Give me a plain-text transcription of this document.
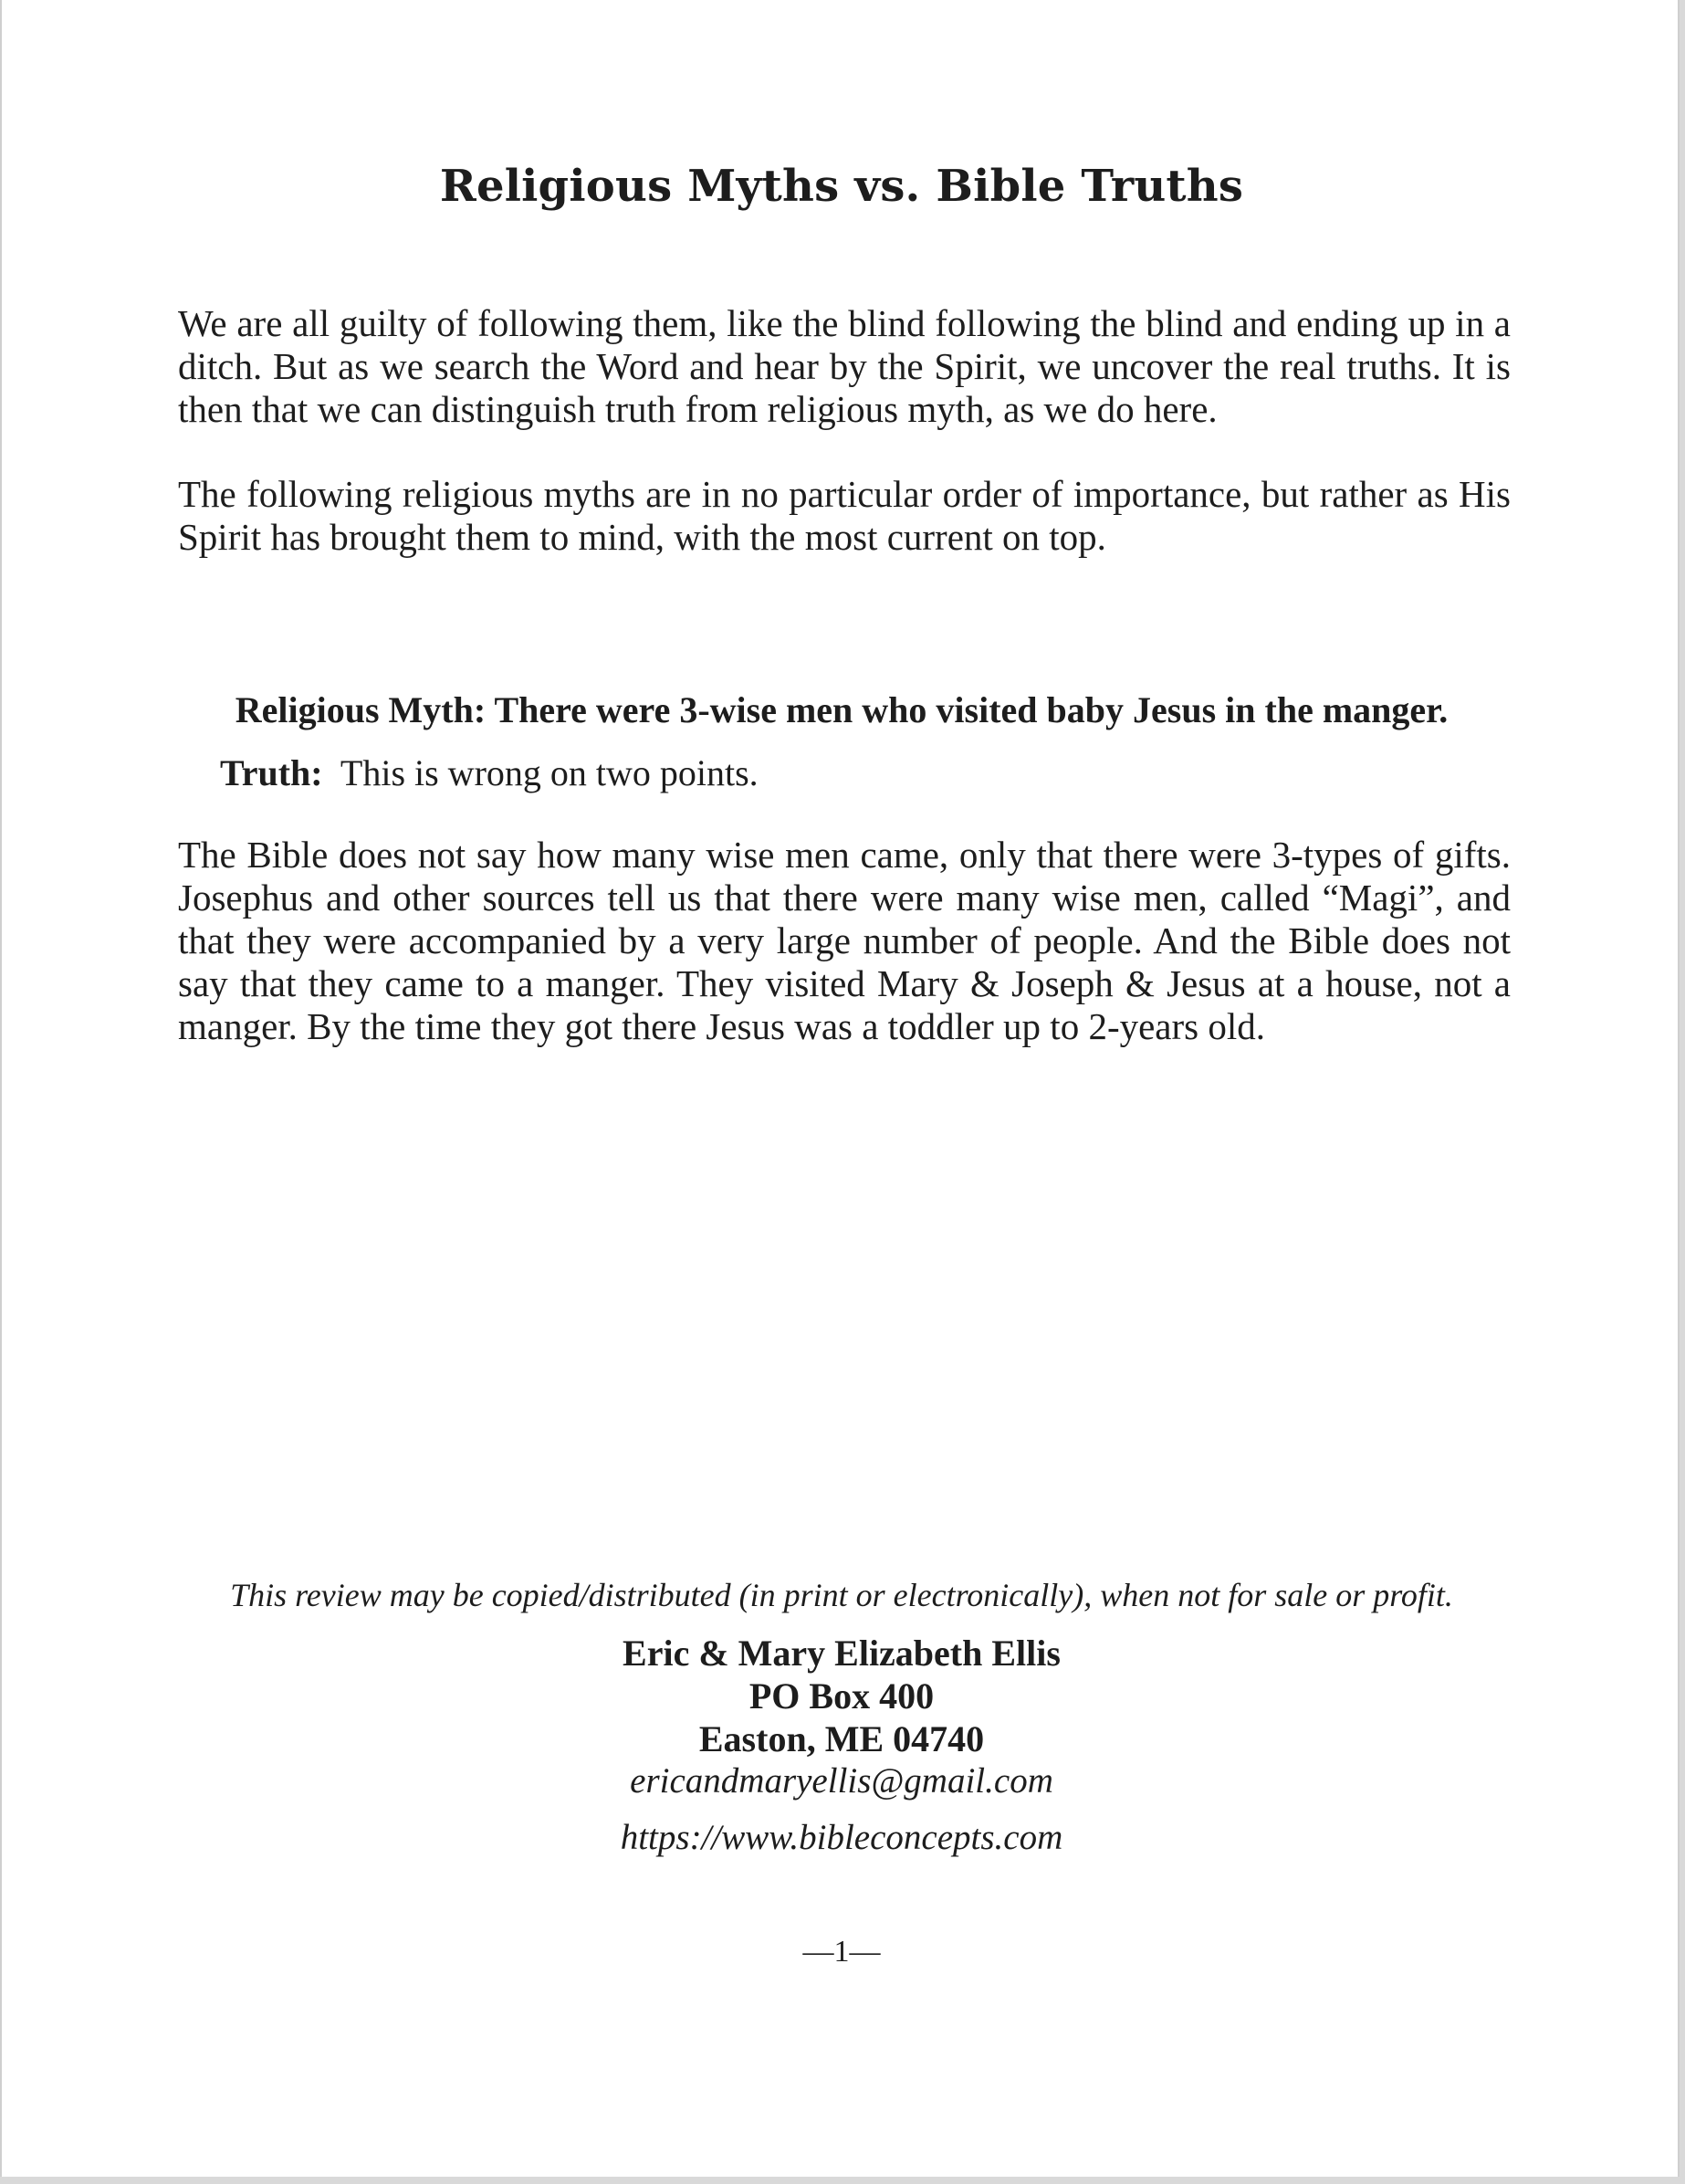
Religious Myths vs. Bible Truths

We are all guilty of following them, like the blind following the blind and ending up in a ditch. But as we search the Word and hear by the Spirit, we uncover the real truths. It is then that we can distinguish truth from religious myth, as we do here.

The following religious myths are in no particular order of importance, but rather as His Spirit has brought them to mind, with the most current on top.

Religious Myth: There were 3-wise men who visited baby Jesus in the manger.
Truth: This is wrong on two points.

The Bible does not say how many wise men came, only that there were 3-types of gifts. Josephus and other sources tell us that there were many wise men, called “Magi”, and that they were accompanied by a very large number of people. And the Bible does not say that they came to a manger. They visited Mary & Joseph & Jesus at a house, not a manger. By the time they got there Jesus was a toddler up to 2-years old.

This review may be copied/distributed (in print or electronically), when not for sale or profit.
Eric & Mary Elizabeth Ellis
PO Box 400
Easton, ME 04740
ericandmaryellis@gmail.com
https://www.bibleconcepts.com
—1—
